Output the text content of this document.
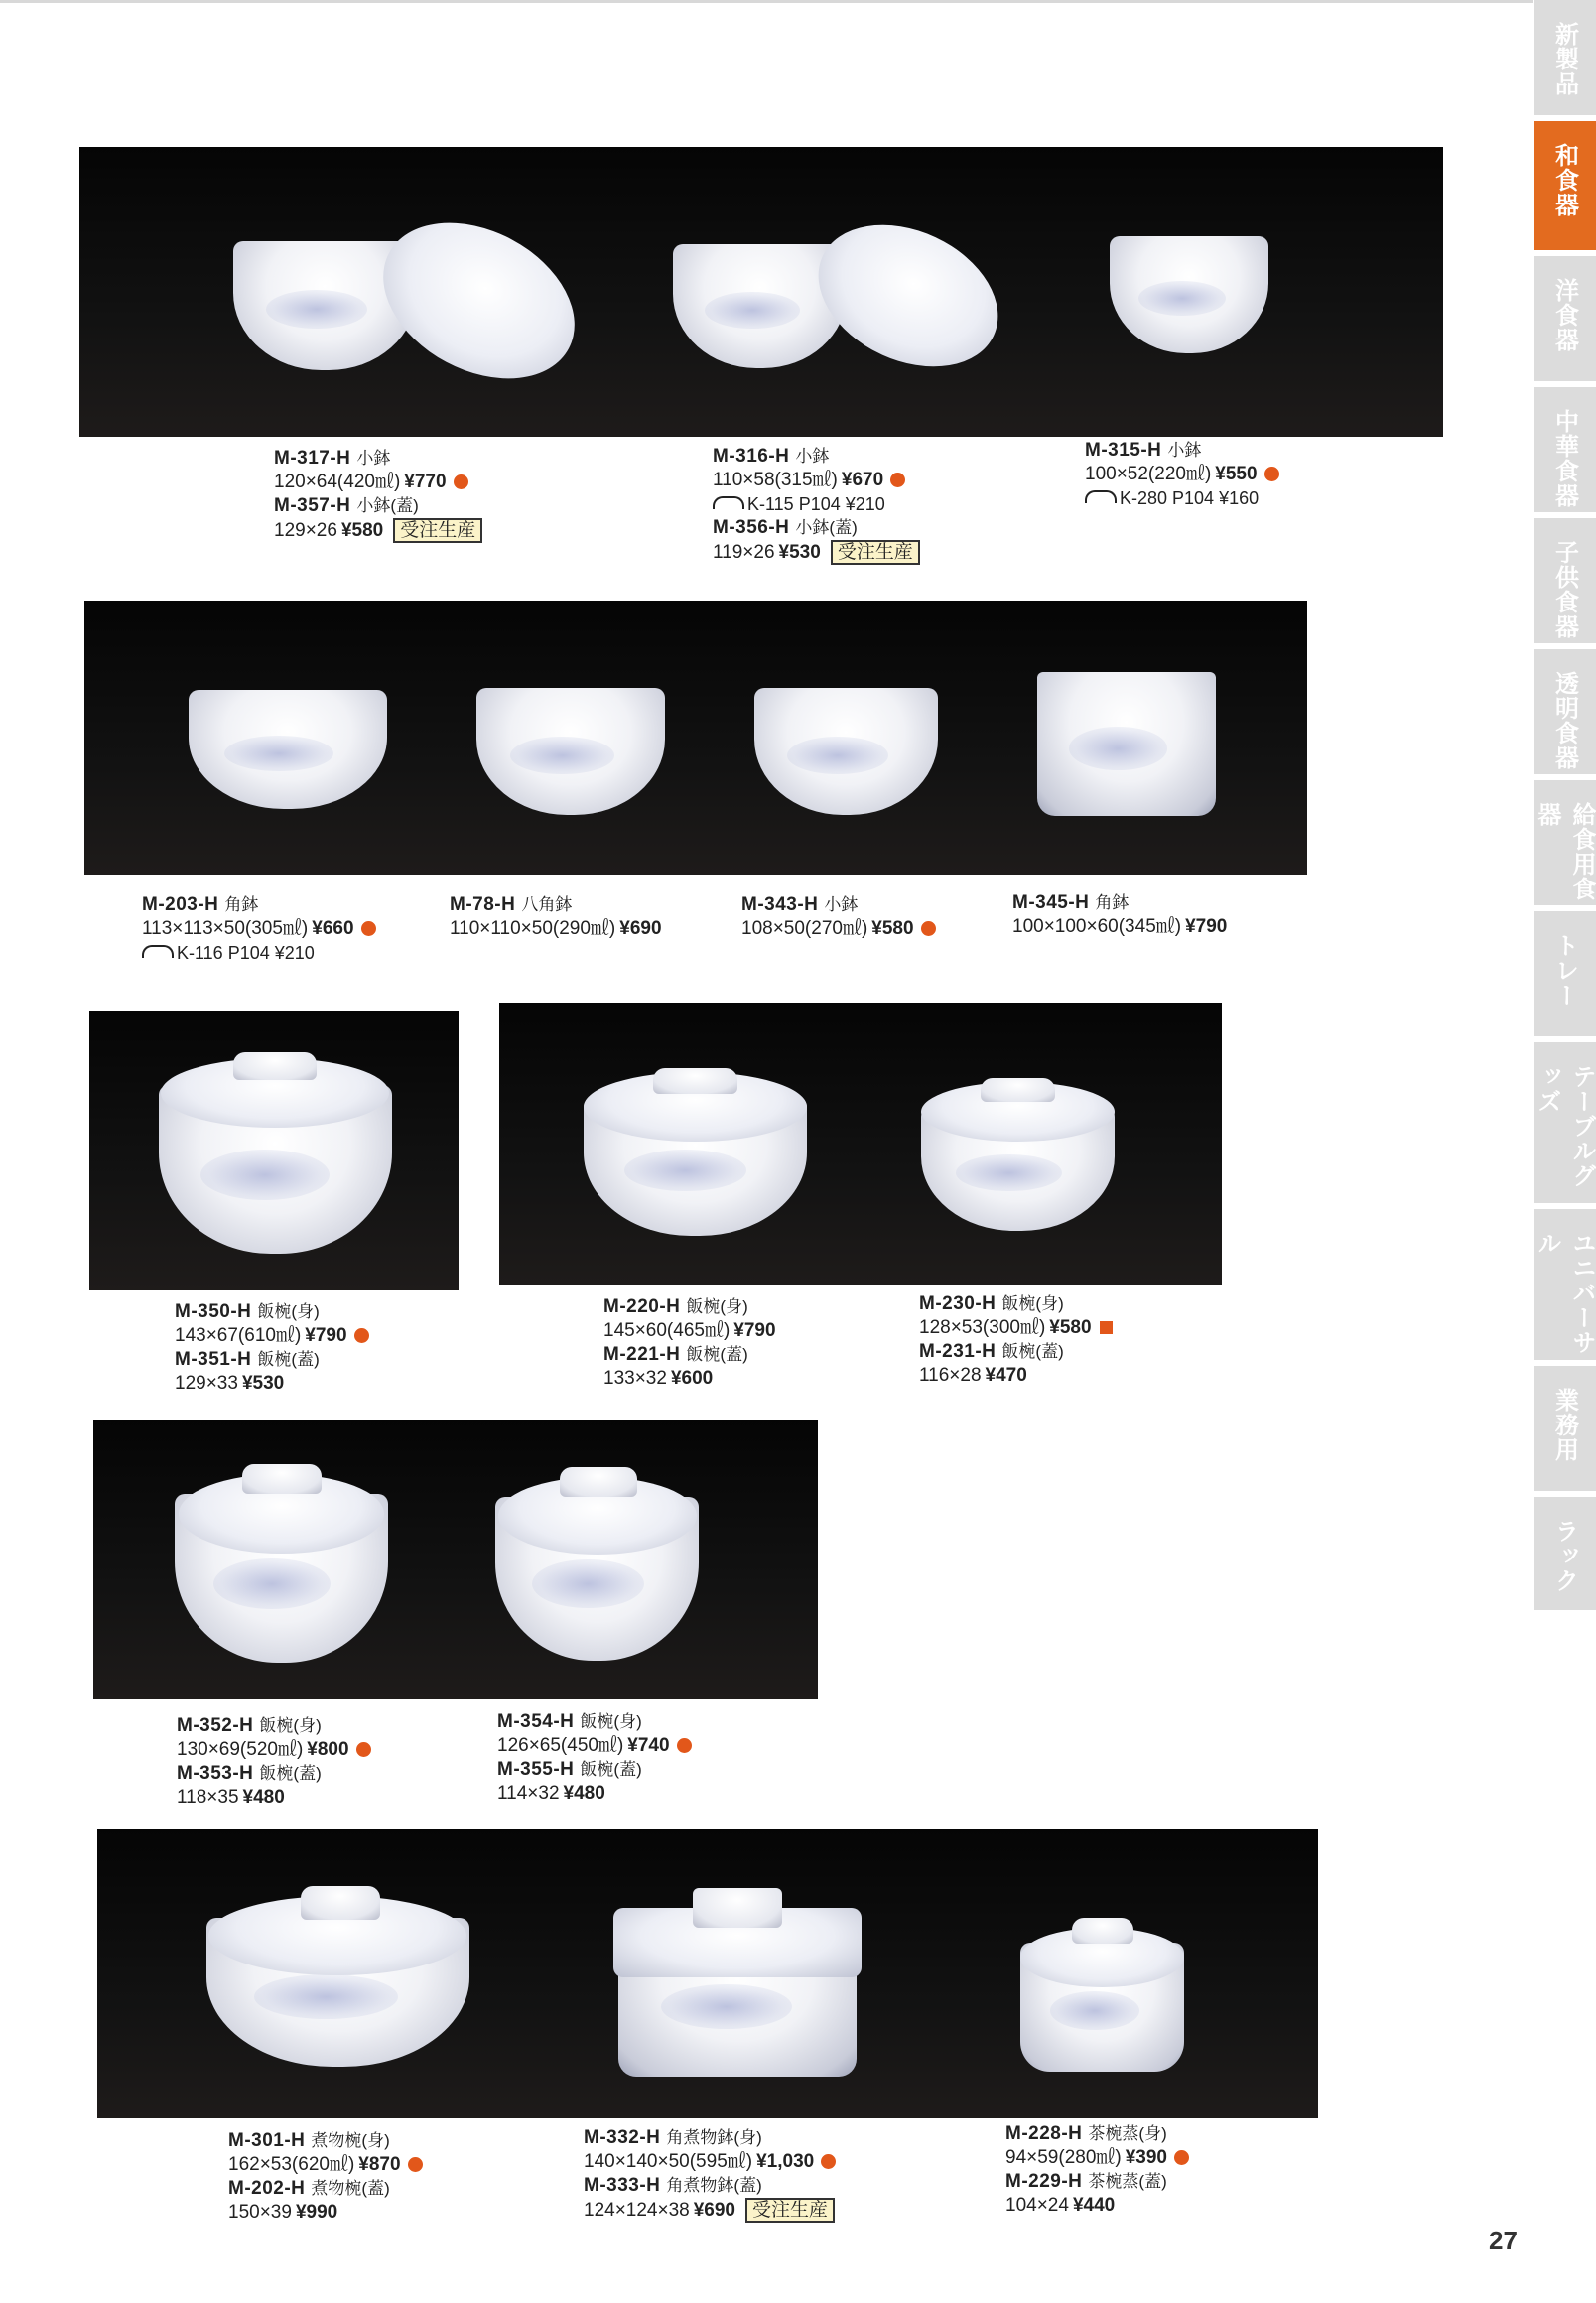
新製品
和食器
洋食器
中華食器
子供食器
透明食器
給食用食器
トレー
テーブルグッズ
ユニバーサル
業務用
ラック
27
M-317-H 小鉢
120×64(420㎖) ¥770
M-357-H 小鉢(蓋)
129×26 ¥580 受注生産
M-316-H 小鉢
110×58(315㎖) ¥670
K-115 P104 ¥210
M-356-H 小鉢(蓋)
119×26 ¥530 受注生産
M-315-H 小鉢
100×52(220㎖) ¥550
K-280 P104 ¥160
M-203-H 角鉢
113×113×50(305㎖) ¥660
K-116 P104 ¥210
M-78-H 八角鉢
110×110×50(290㎖) ¥690
M-343-H 小鉢
108×50(270㎖) ¥580
M-345-H 角鉢
100×100×60(345㎖) ¥790
M-350-H 飯椀(身)
143×67(610㎖) ¥790
M-351-H 飯椀(蓋)
129×33 ¥530
M-220-H 飯椀(身)
145×60(465㎖) ¥790
M-221-H 飯椀(蓋)
133×32 ¥600
M-230-H 飯椀(身)
128×53(300㎖) ¥580
M-231-H 飯椀(蓋)
116×28 ¥470
M-352-H 飯椀(身)
130×69(520㎖) ¥800
M-353-H 飯椀(蓋)
118×35 ¥480
M-354-H 飯椀(身)
126×65(450㎖) ¥740
M-355-H 飯椀(蓋)
114×32 ¥480
M-301-H 煮物椀(身)
162×53(620㎖) ¥870
M-202-H 煮物椀(蓋)
150×39 ¥990
M-332-H 角煮物鉢(身)
140×140×50(595㎖) ¥1,030
M-333-H 角煮物鉢(蓋)
124×124×38 ¥690 受注生産
M-228-H 茶椀蒸(身)
94×59(280㎖) ¥390
M-229-H 茶椀蒸(蓋)
104×24 ¥440
